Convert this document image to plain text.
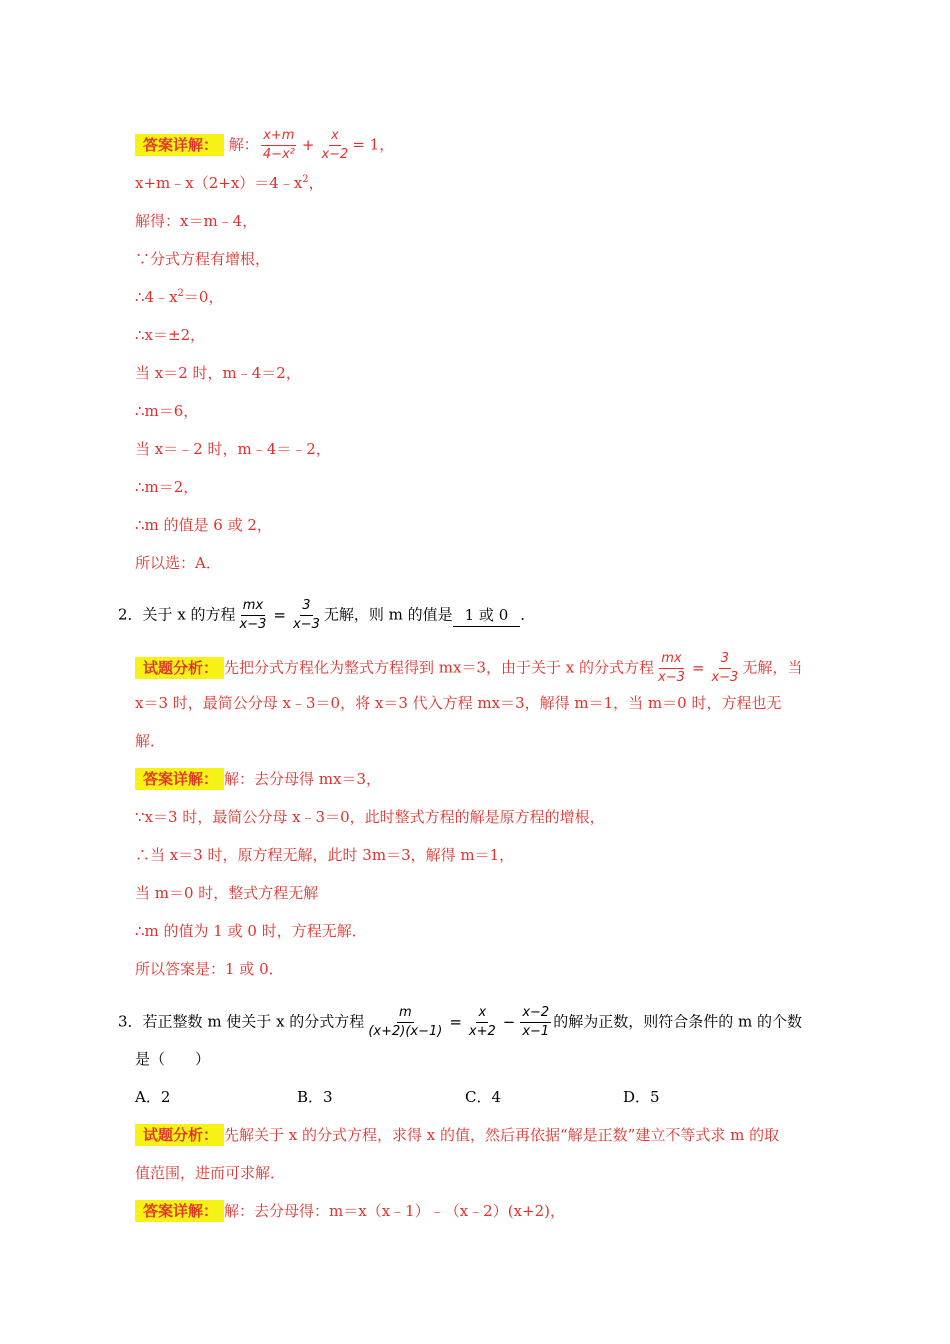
答案详解： 解： $\frac{x+m}{\text{4−x²}} + \frac{x}{x-2} = 1$，
$x+m﹣x(2+x)=4﹣x^2$，
解得：x＝m﹣4，
∵分式方程有增根，
$\therefore 4﹣x^2=0$，
∴x＝±2，
当 x＝2 时，m﹣4＝2，
∴m＝6，
当 x＝﹣2 时，m﹣4＝﹣2，
∴m＝2，
∴m 的值是 6 或 2，
所以选：A．
2．关于 x 的方程 $\frac{mx}{x-3} = \frac{3}{x-3}$ 无解，则 m 的值是 1 或 0 ．
试题分析： 先把分式方程化为整式方程得到 mx＝3，由于关于 x 的分式方程 $\frac{mx}{x-3} = \frac{3}{x-3}$ 无解，当
x＝3 时，最简公分母 x﹣3＝0，将 x＝3 代入方程 mx＝3，解得 m＝1，当 m＝0 时，方程也无
解．
答案详解： 解：去分母得 mx＝3，
∵x＝3 时，最简公分母 x﹣3＝0，此时整式方程的解是原方程的增根，
∴当 x＝3 时，原方程无解，此时 3m＝3，解得 m＝1，
当 m＝0 时，整式方程无解
∴m 的值为 1 或 0 时，方程无解．
所以答案是：1 或 0．
3．若正整数 m 使关于 x 的分式方程 $\frac{m}{(x+2)(x-1)} = \frac{x}{x+2} - \frac{x-2}{x-1}$ 的解为正数，则符合条件的 m 的个数
是（　　）
A．2	B．3	C．4	D．5
试题分析： 先解关于 x 的分式方程，求得 x 的值，然后再依据“解是正数”建立不等式求 m 的取
值范围，进而可求解．
答案详解： 解：去分母得：m＝x（x﹣1）﹣（x﹣2）(x+2)，
